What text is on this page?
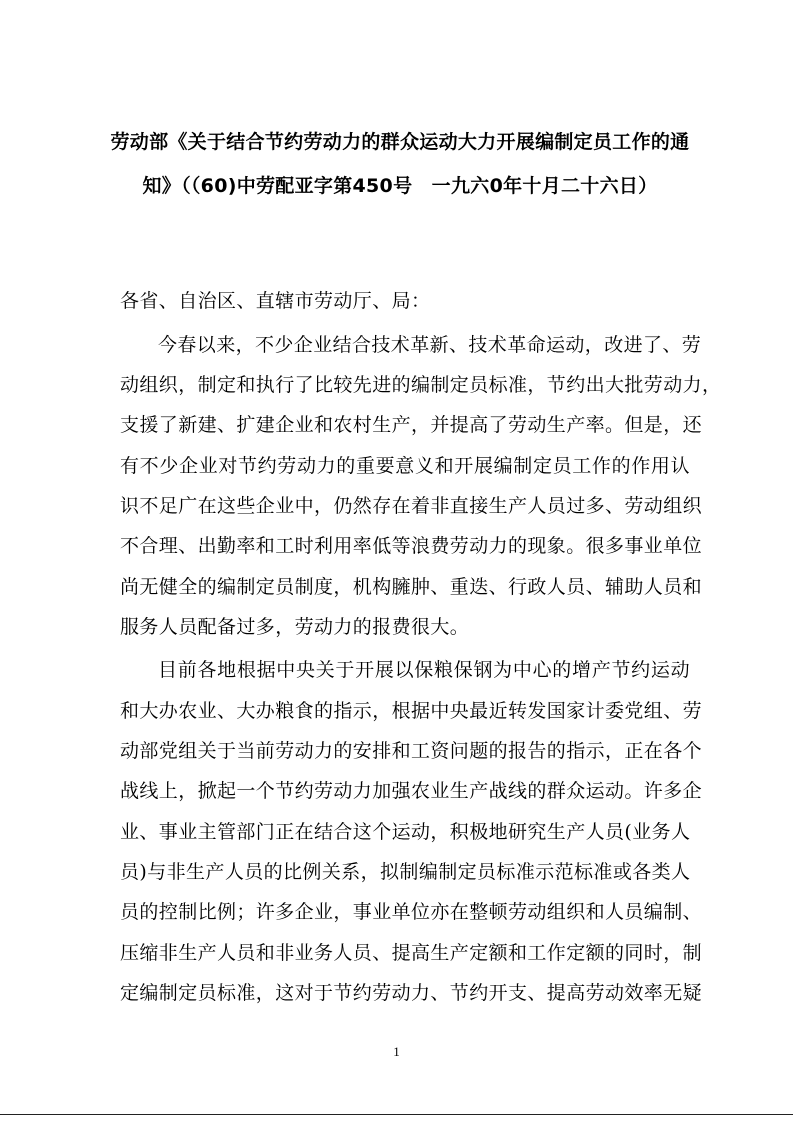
劳动部《关于结合节约劳动力的群众运动大力开展编制定员工作的通
知》（（60)中劳配亚字第450号　一九六0年十月二十六日）
各省、自治区、直辖市劳动厅、局：
今春以来，不少企业结合技术革新、技术革命运动，改进了、劳
动组织，制定和执行了比较先进的编制定员标准，节约出大批劳动力，
支援了新建、扩建企业和农村生产，并提高了劳动生产率。但是，还
有不少企业对节约劳动力的重要意义和开展编制定员工作的作用认
识不足广在这些企业中，仍然存在着非直接生产人员过多、劳动组织
不合理、出勤率和工时利用率低等浪费劳动力的现象。很多事业单位
尚无健全的编制定员制度，机构臃肿、重迭、行政人员、辅助人员和
服务人员配备过多，劳动力的报费很大。
目前各地根据中央关于开展以保粮保钢为中心的增产节约运动
和大办农业、大办粮食的指示，根据中央最近转发国家计委党组、劳
动部党组关于当前劳动力的安排和工资问题的报告的指示，正在各个
战线上，掀起一个节约劳动力加强农业生产战线的群众运动。许多企
业、事业主管部门正在结合这个运动，积极地研究生产人员(业务人
员)与非生产人员的比例关系，拟制编制定员标准示范标准或各类人
员的控制比例；许多企业，事业单位亦在整顿劳动组织和人员编制、
压缩非生产人员和非业务人员、提高生产定额和工作定额的同时，制
定编制定员标准，这对于节约劳动力、节约开支、提高劳动效率无疑
1
